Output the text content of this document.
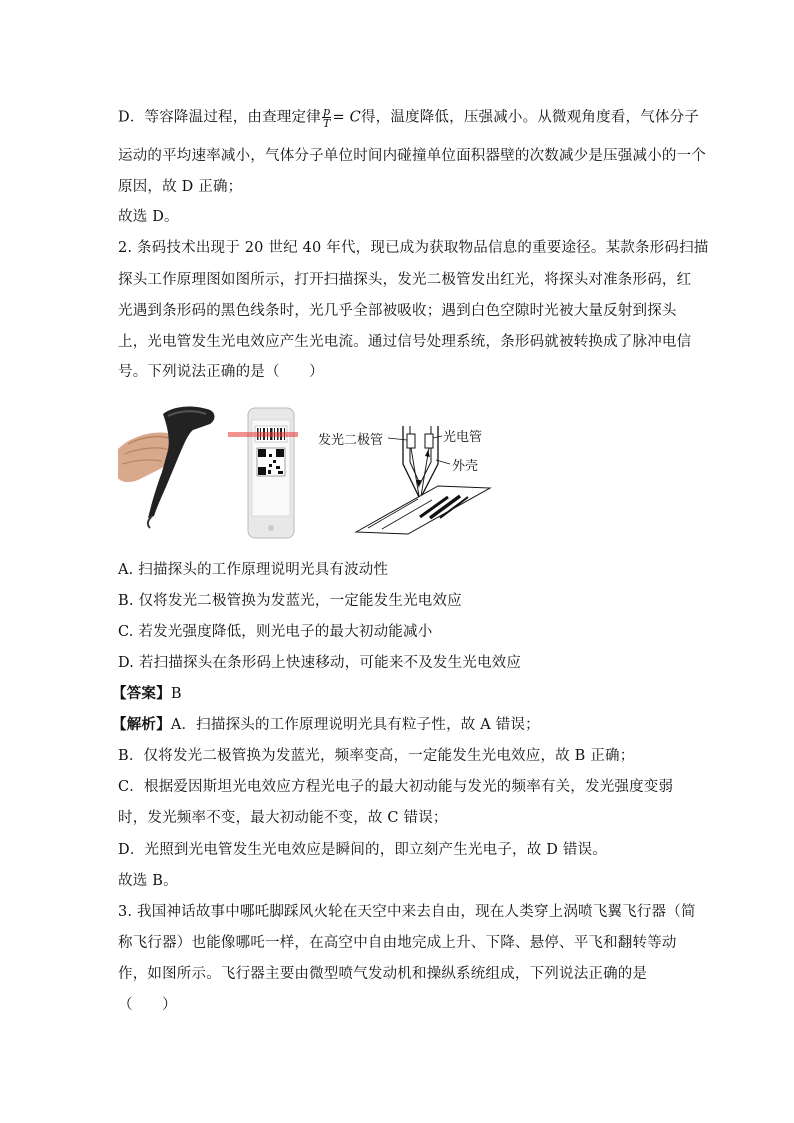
D．等容降温过程，由查理定律 $\frac{p}{T} = C$得，温度降低，压强减小。从微观角度看，气体分子
运动的平均速率减小，气体分子单位时间内碰撞单位面积器壁的次数减少是压强减小的一个
原因，故 D 正确；
故选 D。
2. 条码技术出现于 20 世纪 40 年代，现已成为获取物品信息的重要途径。某款条形码扫描
探头工作原理图如图所示，打开扫描探头，发光二极管发出红光，将探头对准条形码，红
光遇到条形码的黑色线条时，光几乎全部被吸收；遇到白色空隙时光被大量反射到探头
上，光电管发生光电效应产生光电流。通过信号处理系统，条形码就被转换成了脉冲电信
号。下列说法正确的是（　　）
发光二极管	光电管
外壳
A. 扫描探头的工作原理说明光具有波动性
B. 仅将发光二极管换为发蓝光，一定能发生光电效应
C. 若发光强度降低，则光电子的最大初动能减小
D. 若扫描探头在条形码上快速移动，可能来不及发生光电效应
【答案】B
【解析】A．扫描探头的工作原理说明光具有粒子性，故 A 错误；
B．仅将发光二极管换为发蓝光，频率变高，一定能发生光电效应，故 B 正确；
C．根据爱因斯坦光电效应方程光电子的最大初动能与发光的频率有关，发光强度变弱
时，发光频率不变，最大初动能不变，故 C 错误；
D．光照到光电管发生光电效应是瞬间的，即立刻产生光电子，故 D 错误。
故选 B。
3. 我国神话故事中哪吒脚踩风火轮在天空中来去自由，现在人类穿上涡喷飞翼飞行器（简
称飞行器）也能像哪吒一样，在高空中自由地完成上升、下降、悬停、平飞和翻转等动
作，如图所示。飞行器主要由微型喷气发动机和操纵系统组成，下列说法正确的是
（　　）
